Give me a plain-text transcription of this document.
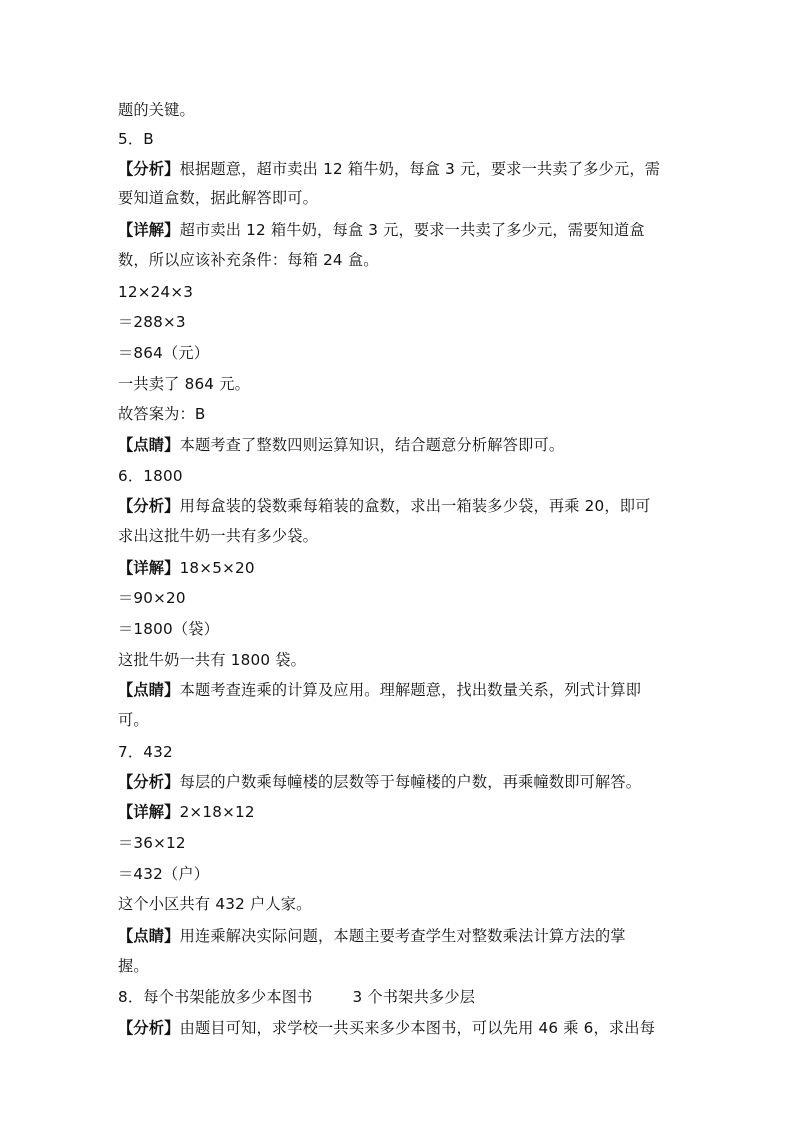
题的关键。
5．B
【分析】根据题意，超市卖出 12 箱牛奶，每盒 3 元，要求一共卖了多少元，需
要知道盒数，据此解答即可。
【详解】超市卖出 12 箱牛奶，每盒 3 元，要求一共卖了多少元，需要知道盒
数，所以应该补充条件：每箱 24 盒。
12×24×3
＝288×3
＝864（元）
一共卖了 864 元。
故答案为：B
【点睛】本题考查了整数四则运算知识，结合题意分析解答即可。
6．1800
【分析】用每盒装的袋数乘每箱装的盒数，求出一箱装多少袋，再乘 20，即可
求出这批牛奶一共有多少袋。
【详解】18×5×20
＝90×20
＝1800（袋）
这批牛奶一共有 1800 袋。
【点睛】本题考查连乘的计算及应用。理解题意，找出数量关系，列式计算即
可。
7．432
【分析】每层的户数乘每幢楼的层数等于每幢楼的户数，再乘幢数即可解答。
【详解】2×18×12
＝36×12
＝432（户）
这个小区共有 432 户人家。
【点睛】用连乘解决实际问题，本题主要考查学生对整数乘法计算方法的掌
握。
8．每个书架能放多少本图书	3 个书架共多少层
【分析】由题目可知，求学校一共买来多少本图书，可以先用 46 乘 6，求出每
